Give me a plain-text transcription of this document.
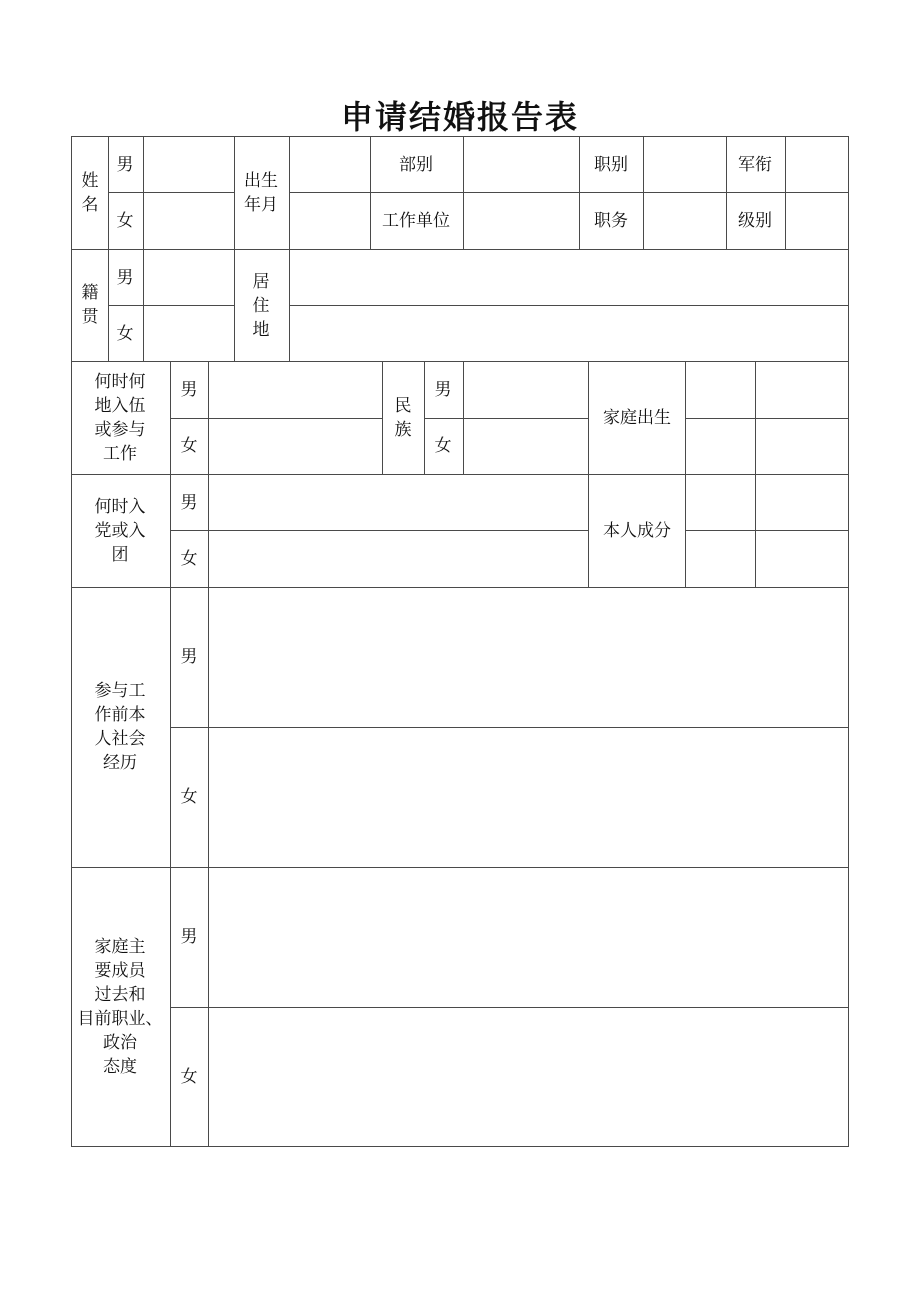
申请结婚报告表
姓
名
男
女
出生
年月
部别
工作单位
职别
职务
军衔
级别
籍
贯
男
女
居
住
地
何时何
地入伍
或参与
工作
男
女
民
族
男
女
家庭出生
何时入
党或入
团
男
女
本人成分
参与工
作前本
人社会
经历
男
女
家庭主
要成员
过去和
目前职业、
政治
态度
男
女
